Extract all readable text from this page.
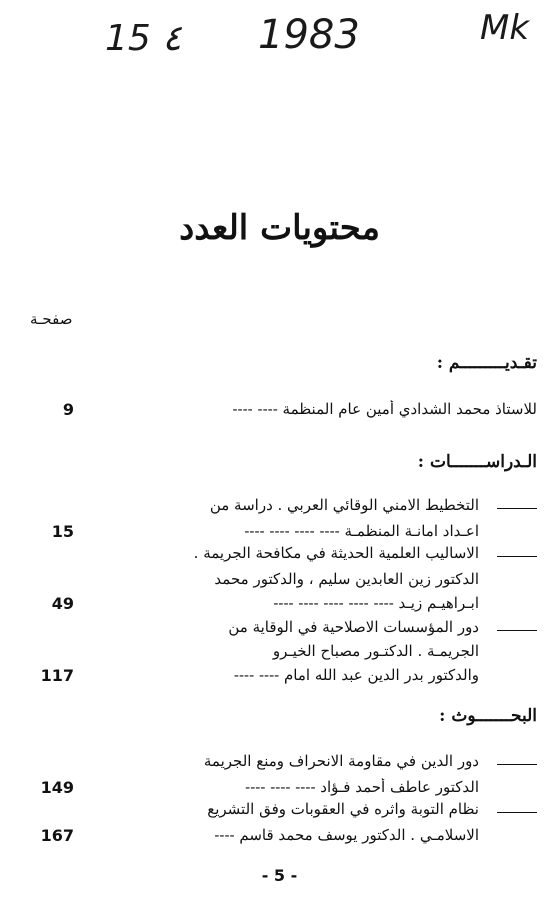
15 ٤ 1983	Mk
محتويات العدد
صفحـة
تقـديـــــــــم :
للاستاذ محمد الشدادي أمين عام المنظمة ---- ----
9
الـدراســـــــات :
التخطيط الامني الوقائي العربي . دراسة من
اعـداد امانـة المنظمـة ---- ---- ---- ----
15
الاساليب العلمية الحديثة في مكافحة الجريمة .
الدكتور زين العابدين سليم ، والدكتور محمد
ابـراهيـم زيـد ---- ---- ---- ---- ----
49
دور المؤسسات الاصلاحية في الوقاية من
الجريمـة . الدكتـور مصباح الخيـرو
والدكتور بدر الدين عبد الله امام ---- ----
117
البحـــــــوث :
دور الدين في مقاومة الانحراف ومنع الجريمة
الدكتور عاطف أحمد فـؤاد ---- ---- ----
149
نظام التوبة واثره في العقوبات وفق التشريع
الاسلامـي . الدكتور يوسف محمد قاسم ----
167
- 5 -
